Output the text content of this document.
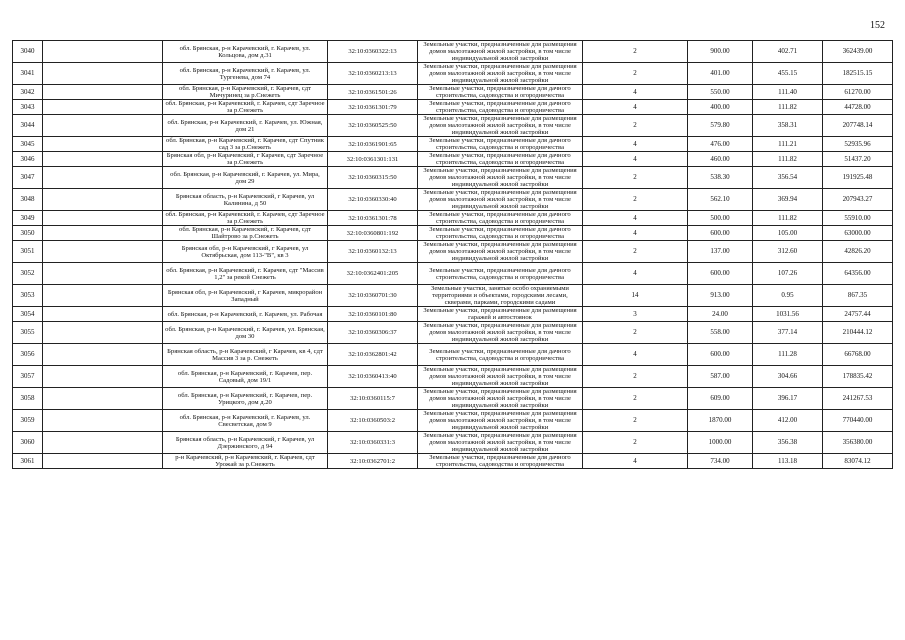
152
3040		обл. Брянская, р-н Карачевский, г. Карачев, ул. Кольцова, дом д.31	32:10:0360322:13	Земельные участки, предназначенные для размещения домов малоэтажной жилой застройки, в том числе индивидуальной жилой застройки	2	900.00	402.71	362439.00
3041		обл. Брянская, р-н Карачевский, г. Карачев, ул. Тургенева, дом 74	32:10:0360213:13	Земельные участки, предназначенные для размещения домов малоэтажной жилой застройки, в том числе индивидуальной жилой застройки	2	401.00	455.15	182515.15
3042		обл. Брянская, р-н Карачевский, г. Карачев, сдт Мичуринец за р.Снежеть	32:10:0361501:26	Земельные участки, предназначенные для дачного строительства, садоводства и огородничества	4	550.00	111.40	61270.00
3043		обл. Брянская, р-н Карачевский, г. Карачев, сдт Заречное за р.Снежеть	32:10:0361301:79	Земельные участки, предназначенные для дачного строительства, садоводства и огородничества	4	400.00	111.82	44728.00
3044		обл. Брянская, р-н Карачевский, г. Карачев, ул. Южная, дом 21	32:10:0360525:50	Земельные участки, предназначенные для размещения домов малоэтажной жилой застройки, в том числе индивидуальной жилой застройки	2	579.80	358.31	207748.14
3045		обл. Брянская, р-н Карачевский, г. Карачев, сдт Спутник сад 3 за р.Снежеть	32:10:0361901:65	Земельные участки, предназначенные для дачного строительства, садоводства и огородничества	4	476.00	111.21	52935.96
3046		Брянская обл, р-н Карачевский, г Карачев, сдт Заречное за р.Снежеть	32:10:0361301:131	Земельные участки, предназначенные для дачного строительства, садоводства и огородничества	4	460.00	111.82	51437.20
3047		обл. Брянская, р-н Карачевский, г. Карачев, ул. Мира, дом 29	32:10:0360315:50	Земельные участки, предназначенные для размещения домов малоэтажной жилой застройки, в том числе индивидуальной жилой застройки	2	538.30	356.54	191925.48
3048		Брянская область, р-н Карачевский, г Карачев, ул Калинина, д 50	32:10:0360330:40	Земельные участки, предназначенные для размещения домов малоэтажной жилой застройки, в том числе индивидуальной жилой застройки	2	562.10	369.94	207943.27
3049		обл. Брянская, р-н Карачевский, г. Карачев, сдт Заречное за р.Снежеть	32:10:0361301:78	Земельные участки, предназначенные для дачного строительства, садоводства и огородничества	4	500.00	111.82	55910.00
3050		обл. Брянская, р-н Карачевский, г. Карачев, сдт Шайтрово за р.Снежеть	32:10:0360801:192	Земельные участки, предназначенные для дачного строительства, садоводства и огородничества	4	600.00	105.00	63000.00
3051		Брянская обл, р-н Карачевский, г Карачев, ул Октябрьская, дом 113-"В", кв 3	32:10:0360132:13	Земельные участки, предназначенные для размещения домов малоэтажной жилой застройки, в том числе индивидуальной жилой застройки	2	137.00	312.60	42826.20
3052		обл. Брянская, р-н Карачевский, г. Карачев, сдт "Массив 1,2" за рекой Снежеть	32:10:0362401:205	Земельные участки, предназначенные для дачного строительства, садоводства и огородничества	4	600.00	107.26	64356.00
3053		Брянская обл, р-н Карачевский, г Карачев, микрорайон Западный	32:10:0360701:30	Земельные участки, занятые особо охраняемыми территориями и объектами, городскими лесами, скверами, парками, городскими садами	14	913.00	0.95	867.35
3054		обл. Брянская, р-н Карачевский, г. Карачев, ул. Рабочая	32:10:0360101:80	Земельные участки, предназначенные для размещения гаражей и автостоянок	3	24.00	1031.56	24757.44
3055		обл. Брянская, р-н Карачевский, г. Карачев, ул. Брянская, дом 30	32:10:0360306:37	Земельные участки, предназначенные для размещения домов малоэтажной жилой застройки, в том числе индивидуальной жилой застройки	2	558.00	377.14	210444.12
3056		Брянская область, р-н Карачевский, г Карачев, кв 4, сдт Массив 3 за р. Снежеть	32:10:0362801:42	Земельные участки, предназначенные для дачного строительства, садоводства и огородничества	4	600.00	111.28	66768.00
3057		обл. Брянская, р-н Карачевский, г. Карачев, пер. Садовый, дом 19/1	32:10:0360413:40	Земельные участки, предназначенные для размещения домов малоэтажной жилой застройки, в том числе индивидуальной жилой застройки	2	587.00	304.66	178835.42
3058		обл. Брянская, р-н Карачевский, г. Карачев, пер. Урицкого, дом д.20	32:10:0360115:7	Земельные участки, предназначенные для размещения домов малоэтажной жилой застройки, в том числе индивидуальной жилой застройки	2	609.00	396.17	241267.53
3059		обл. Брянская, р-н Карачевский, г. Карачев, ул. Свесветская, дом 9	32:10:0360503:2	Земельные участки, предназначенные для размещения домов малоэтажной жилой застройки, в том числе индивидуальной жилой застройки	2	1870.00	412.00	770440.00
3060		Брянская область, р-н Карачевский, г Карачев, ул Дзержинского, д 94	32:10:0360331:3	Земельные участки, предназначенные для размещения домов малоэтажной жилой застройки, в том числе индивидуальной жилой застройки	2	1000.00	356.38	356380.00
3061		р-н Карачевский, р-н Карачевский, г. Карачев, сдт Урожай за р.Снежеть	32:10:0362701:2	Земельные участки, предназначенные для дачного строительства, садоводства и огородничества	4	734.00	113.18	83074.12
